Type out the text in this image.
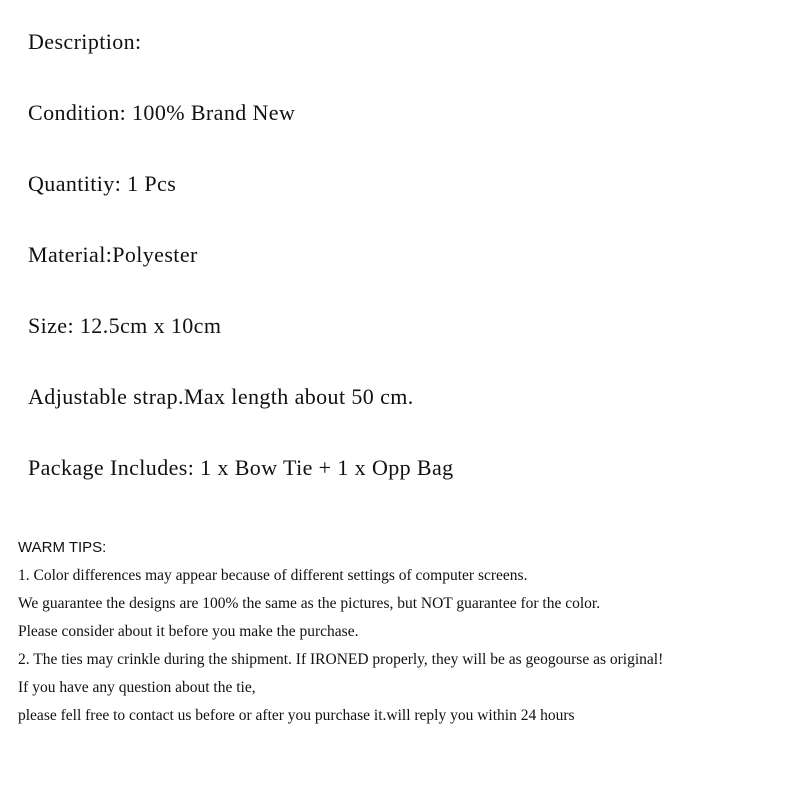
Description:

Condition: 100% Brand New

Quantitiy: 1 Pcs

Material:Polyester

Size: 12.5cm x 10cm

Adjustable strap.Max length about 50 cm.

Package Includes: 1 x Bow Tie + 1 x Opp Bag

WARM TIPS:
1. Color differences may appear because of different settings of computer screens.
We guarantee the designs are 100% the same as the pictures, but NOT guarantee for the color.
Please consider about it before you make the purchase.
2. The ties may crinkle during the shipment. If IRONED properly, they will be as geogourse as original!
If you have any question about the tie,
please fell free to contact us before or after you purchase it.will reply you within 24 hours
